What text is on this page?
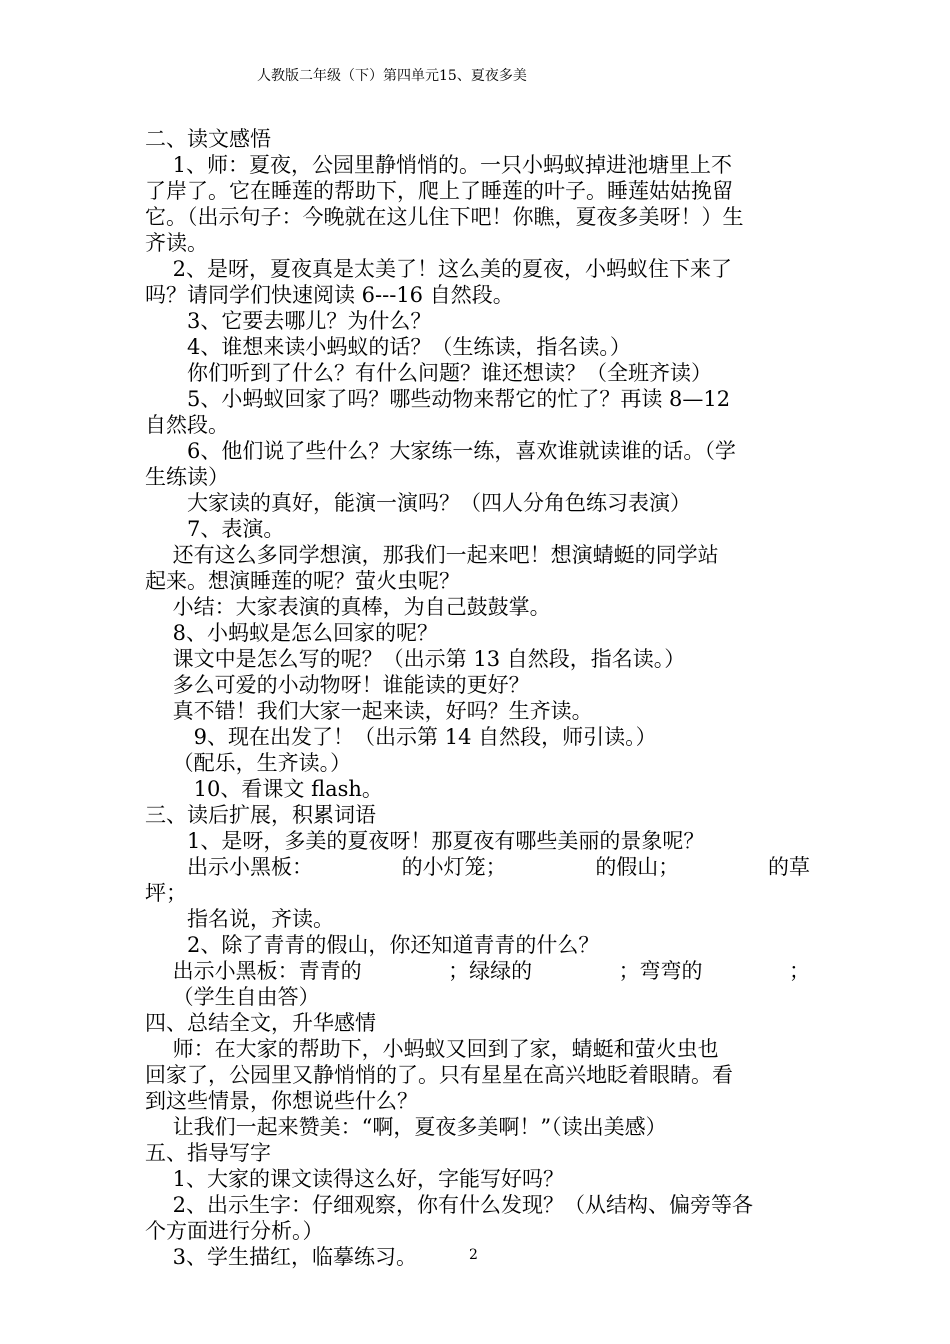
人教版二年级（下）第四单元15、夏夜多美
二、读文感悟
　 1、师：夏夜，公园里静悄悄的。一只小蚂蚁掉进池塘里上不
了岸了。它在睡莲的帮助下，爬上了睡莲的叶子。睡莲姑姑挽留
它。（出示句子：今晚就在这儿住下吧！你瞧，夏夜多美呀！）生
齐读。
　 2、是呀，夏夜真是太美了！这么美的夏夜，小蚂蚁住下来了
吗？请同学们快速阅读 6---16 自然段。
　　3、它要去哪儿？为什么？
　　4、谁想来读小蚂蚁的话？（生练读，指名读。）
　　你们听到了什么？有什么问题？谁还想读？（全班齐读）
　　5、小蚂蚁回家了吗？哪些动物来帮它的忙了？再读 8—12
自然段。
　　6、他们说了些什么？大家练一练，喜欢谁就读谁的话。（学
生练读）
　　大家读的真好，能演一演吗？（四人分角色练习表演）
　　7、表演。
　 还有这么多同学想演，那我们一起来吧！想演蜻蜓的同学站
起来。想演睡莲的呢？萤火虫呢？
　 小结：大家表演的真棒，为自己鼓鼓掌。
　 8、小蚂蚁是怎么回家的呢？
　 课文中是怎么写的呢？（出示第 13 自然段，指名读。）
　 多么可爱的小动物呀！谁能读的更好？
　 真不错！我们大家一起来读，好吗？生齐读。
　　 9、现在出发了！（出示第 14 自然段，师引读。）
　 （配乐，生齐读。）
　　 10、看课文 flash。
三、读后扩展，积累词语
　　1、是呀，多美的夏夜呀！那夏夜有哪些美丽的景象呢？
　　出示小黑板：	的小灯笼；	的假山；	的草
坪；
　　指名说，齐读。
　　2、除了青青的假山，你还知道青青的什么？
　 出示小黑板：青青的	；绿绿的	；弯弯的	；
　 （学生自由答）
四、总结全文，升华感情
　 师：在大家的帮助下，小蚂蚁又回到了家，蜻蜓和萤火虫也
回家了，公园里又静悄悄的了。只有星星在高兴地眨着眼睛。看
到这些情景，你想说些什么？
　 让我们一起来赞美：“啊，夏夜多美啊！”（读出美感）
五、指导写字
　 1、大家的课文读得这么好，字能写好吗？
　 2、出示生字：仔细观察，你有什么发现？（从结构、偏旁等各
个方面进行分析。）
　 3、学生描红，临摹练习。	2
